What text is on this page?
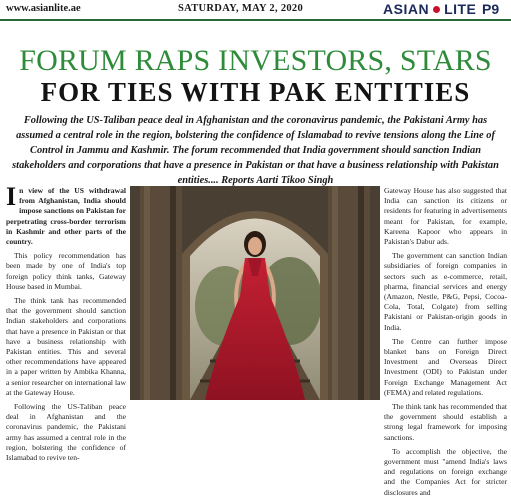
www.asianlite.ae	SATURDAY, MAY 2, 2020	ASIAN LITE P9
FORUM RAPS INVESTORS, STARS
FOR TIES WITH PAK ENTITIES

Following the US-Taliban peace deal in Afghanistan and the coronavirus pandemic, the Pakistani Army has assumed a central role in the region, bolstering the confidence of Islamabad to revive tensions along the Line of Control in Jammu and Kashmir. The forum recommended that India government should sanction Indian stakeholders and corporations that have a presence in Pakistan or that have a business relationship with Pakistan entities.... Reports Aarti Tikoo Singh

In view of the US withdrawal from Afghanistan, India should impose sanctions on Pakistan for perpetrating cross-border terrorism in Kashmir and other parts of the country.

This policy recommendation has been made by one of India's top foreign policy think tanks, Gateway House based in Mumbai.

The think tank has recommended that the government should sanction Indian stakeholders and corporations that have a presence in Pakistan or that have a business relationship with Pakistan entities. This and several other recommendations have appeared in a paper written by Ambika Khanna, a senior researcher on international law at the Gateway House.

Following the US-Taliban peace deal in Afghanistan and the coronavirus pandemic, the Pakistani army has assumed a central role in the region, bolstering the confidence of Islamabad to revive ten-

Gateway House has also suggested that India can sanction its citizens or residents for featuring in advertisements meant for Pakistan, for example, Kareena Kapoor who appears in Pakistan's Dabur ads.

The government can sanction Indian subsidiaries of foreign companies in sectors such as e-commerce, retail, pharma, financial services and energy (Amazon, Nestle, P&G, Pepsi, Cocoa-Cola, Total, Colgate) from selling Pakistani or Pakistan-origin goods in India.

The Centre can further impose blanket bans on Foreign Direct Investment and Overseas Direct Investment (ODI) to Pakistan under Foreign Exchange Management Act (FEMA) and related regulations.

The think tank has recommended that the government should establish a strong legal framework for imposing sanctions.

To accomplish the objective, the government must "amend India's laws and regulations on foreign exchange and the Companies Act for stricter disclosures and
